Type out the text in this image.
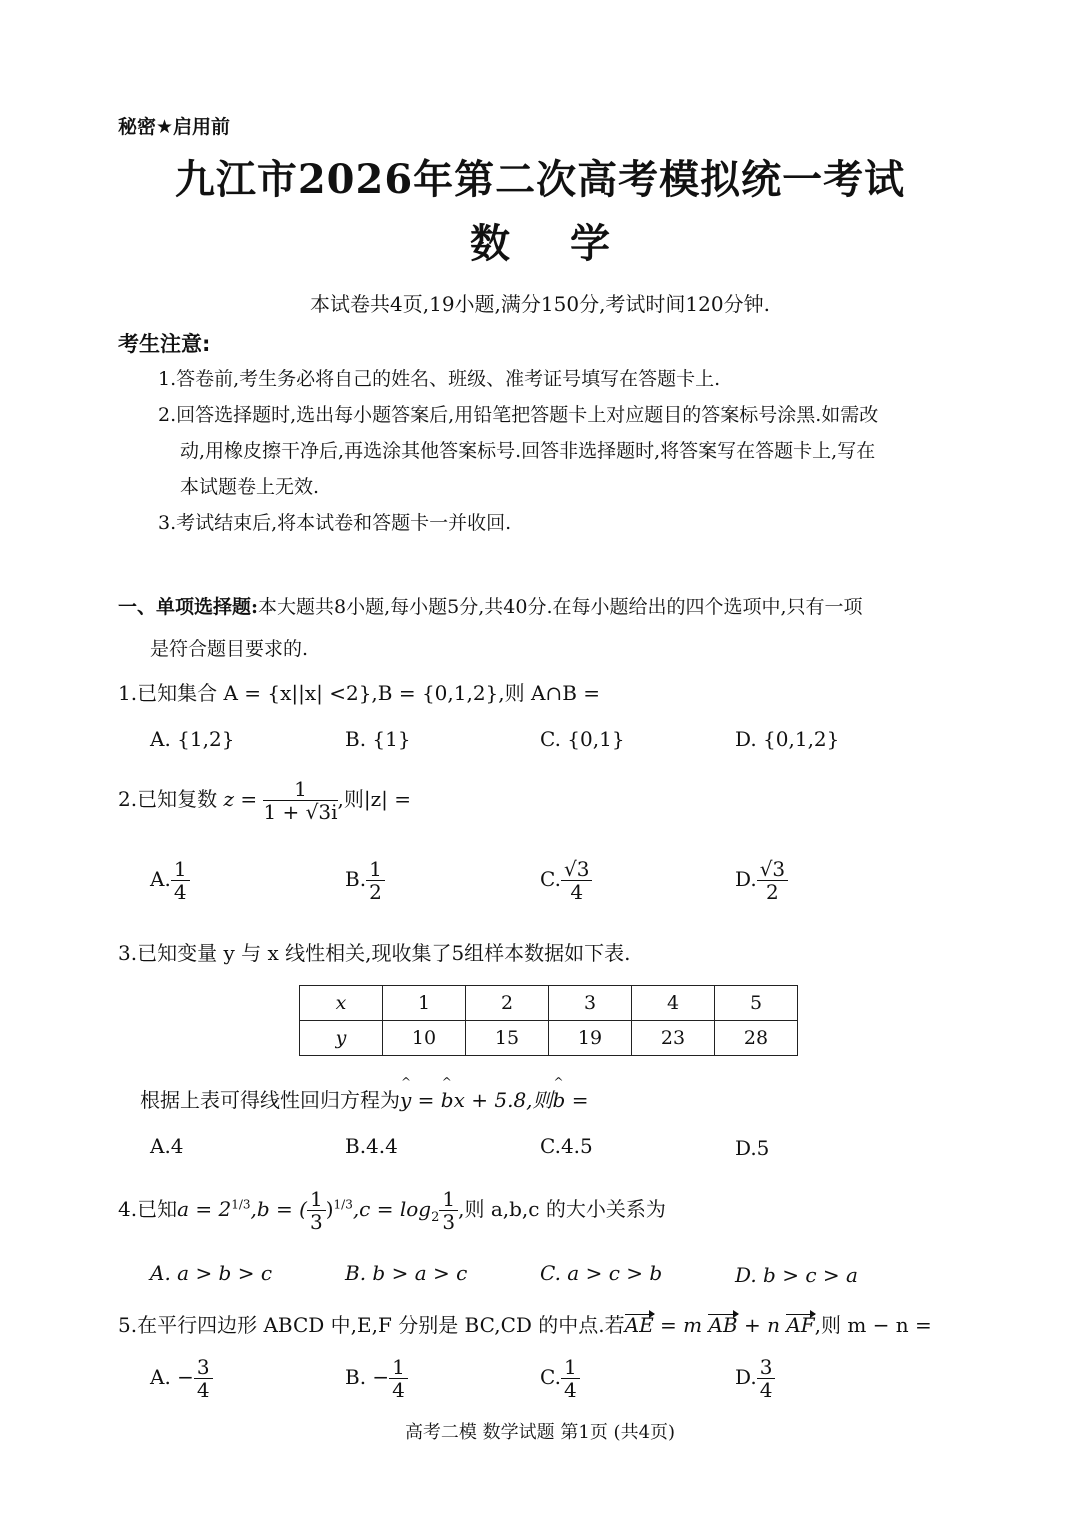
秘密★启用前
九江市2026年第二次高考模拟统一考试
数学
本试卷共4页,19小题,满分150分,考试时间120分钟.
考生注意:
1.答卷前,考生务必将自己的姓名、班级、准考证号填写在答题卡上.
2.回答选择题时,选出每小题答案后,用铅笔把答题卡上对应题目的答案标号涂黑.如需改
动,用橡皮擦干净后,再选涂其他答案标号.回答非选择题时,将答案写在答题卡上,写在
本试题卷上无效.
3.考试结束后,将本试卷和答题卡一并收回.
一、单项选择题:本大题共8小题,每小题5分,共40分.在每小题给出的四个选项中,只有一项
是符合题目要求的.
1.已知集合 A = {x||x| <2},B = {0,1,2},则 A∩B =
A. {1,2}	B. {1}	C. {0,1}	D. {0,1,2}
2.已知复数 $z = \frac{1}{1 + √3i}$ ,则|z| =
A. $\frac{1}{4}$	B. $\frac{1}{2}$	C. $\frac{√3}{4}$	D. $\frac{√3}{2}$
3.已知变量 y 与 x 线性相关,现收集了5组样本数据如下表.
x	1	2	3	4	5
y	10	15	19	23	28
根据上表可得线性回归方程为^ y = ^ bx + 5.8,则^ b =
A.4	B.4.4	C.4.5	D.5
4.已知$a = 2^{1/3},b$ = ( $\frac{1}{3} )^{1/3},c = \log_2 \frac{1}{3}$ ,则 a,b,c 的大小关系为
A. a > b > c	B. b > a > c	C. a > c > b	D. b > c > a
5.在平行四边形 ABCD 中,E,F 分别是 BC,CD 的中点.若AE = m AB + n AF,则 m − n =
A. − $\frac{3}{4}$	B. − $\frac{1}{4}$	C. $\frac{1}{4}$	D. $\frac{3}{4}$
高考二模 数学试题 第1页 (共4页)
